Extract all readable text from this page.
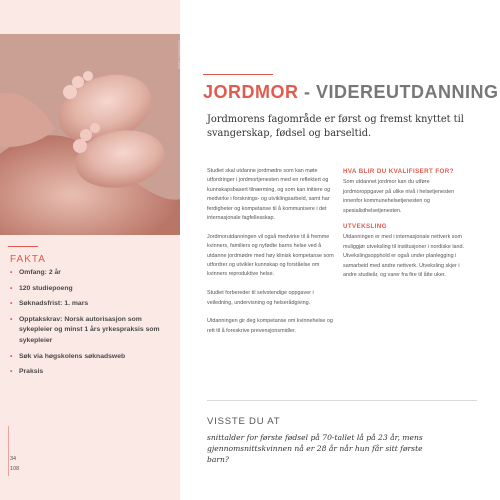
Foto: Colourbox
FAKTA
• Omfang: 2 år
• 120 studiepoeng
• Søknadsfrist: 1. mars
• Opptakskrav: Norsk autorisasjon som sykepleier og minst 1 års yrkespraksis som sykepleier
• Søk via høgskolens søknadsweb
• Praksis
34
108
JORDMOR - VIDEREUTDANNING

Jordmorens fagområde er først og fremst knyttet til svangerskap, fødsel og barseltid.

Studiet skal utdanne jordmødre som kan møte utfordringer i jordmortjenesten med en reflektert og kunnskapsbasert tilnærming, og som kan initiere og medvirke i forsknings- og utviklingsarbeid, samt har ferdigheter og kompetanse til å kommunisere i det internasjonale fagfellesskap.

Jordmorutdanningen vil også medvirke til å fremme kvinners, familiers og nyfødte barns helse ved å utdanne jordmødre med høy klinisk kompetanse som utfordrer og utvikler kunnskap og forståelse om kvinners reproduktive helse.

Studiet forbereder til selvstendige oppgaver i veiledning, undervisning og helserådgiving.

Utdanningen gir deg kompetanse om kvinnehelse og rett til å foreskrive prevensjonsmidler.

HVA BLIR DU KVALIFISERT FOR?

Som utdannet jordmor kan du utføre jordmoroppgaver på ulike nivå i helsetjenesten innenfor kommunehelsetjenesten og spesialisthelsetjenesten.

UTVEKSLING

Utdanningen er med i internasjonale nettverk som muliggjør utveksling til institusjoner i nordiske land. Utvekslingsopphold er også under planlegging i samarbeid med andre nettverk. Utveksling skjer i andre studieår, og varer fra fire til åtte uker.

VISSTE DU AT

snittalder for første fødsel på 70-tallet lå på 23 år, mens gjennomsnittskvinnen nå er 28 år når hun får sitt første barn?
